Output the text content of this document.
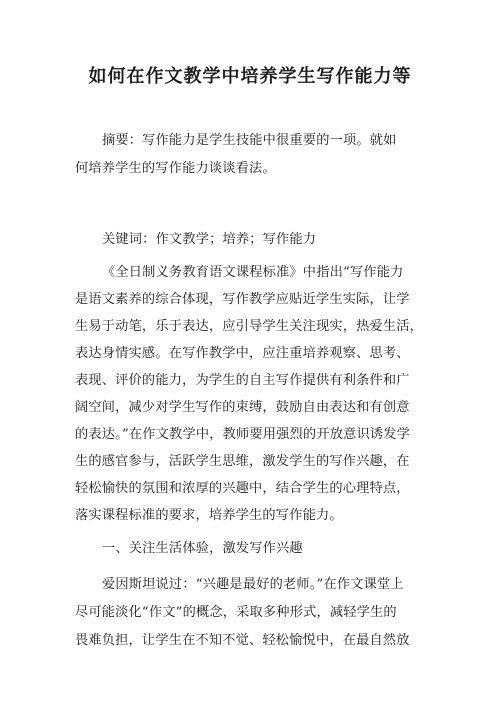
如何在作文教学中培养学生写作能力等
摘要：写作能力是学生技能中很重要的一项。就如
何培养学生的写作能力谈谈看法。
关键词：作文教学；培养；写作能力
《全日制义务教育语文课程标准》中指出“写作能力
是语文素养的综合体现，写作教学应贴近学生实际，让学
生易于动笔，乐于表达，应引导学生关注现实，热爱生活，
表达身情实感。在写作教学中，应注重培养观察、思考、
表现、评价的能力，为学生的自主写作提供有利条件和广
阔空间，减少对学生写作的束缚，鼓励自由表达和有创意
的表达。”在作文教学中，教师要用强烈的开放意识诱发学
生的感官参与，活跃学生思维，激发学生的写作兴趣，在
轻松愉快的氛围和浓厚的兴趣中，结合学生的心理特点，
落实课程标准的要求，培养学生的写作能力。
一、关注生活体验，激发写作兴趣
爱因斯坦说过：“兴趣是最好的老师。”在作文课堂上
尽可能淡化“作文”的概念，采取多种形式，减轻学生的
畏难负担，让学生在不知不觉、轻松愉悦中，在最自然放
